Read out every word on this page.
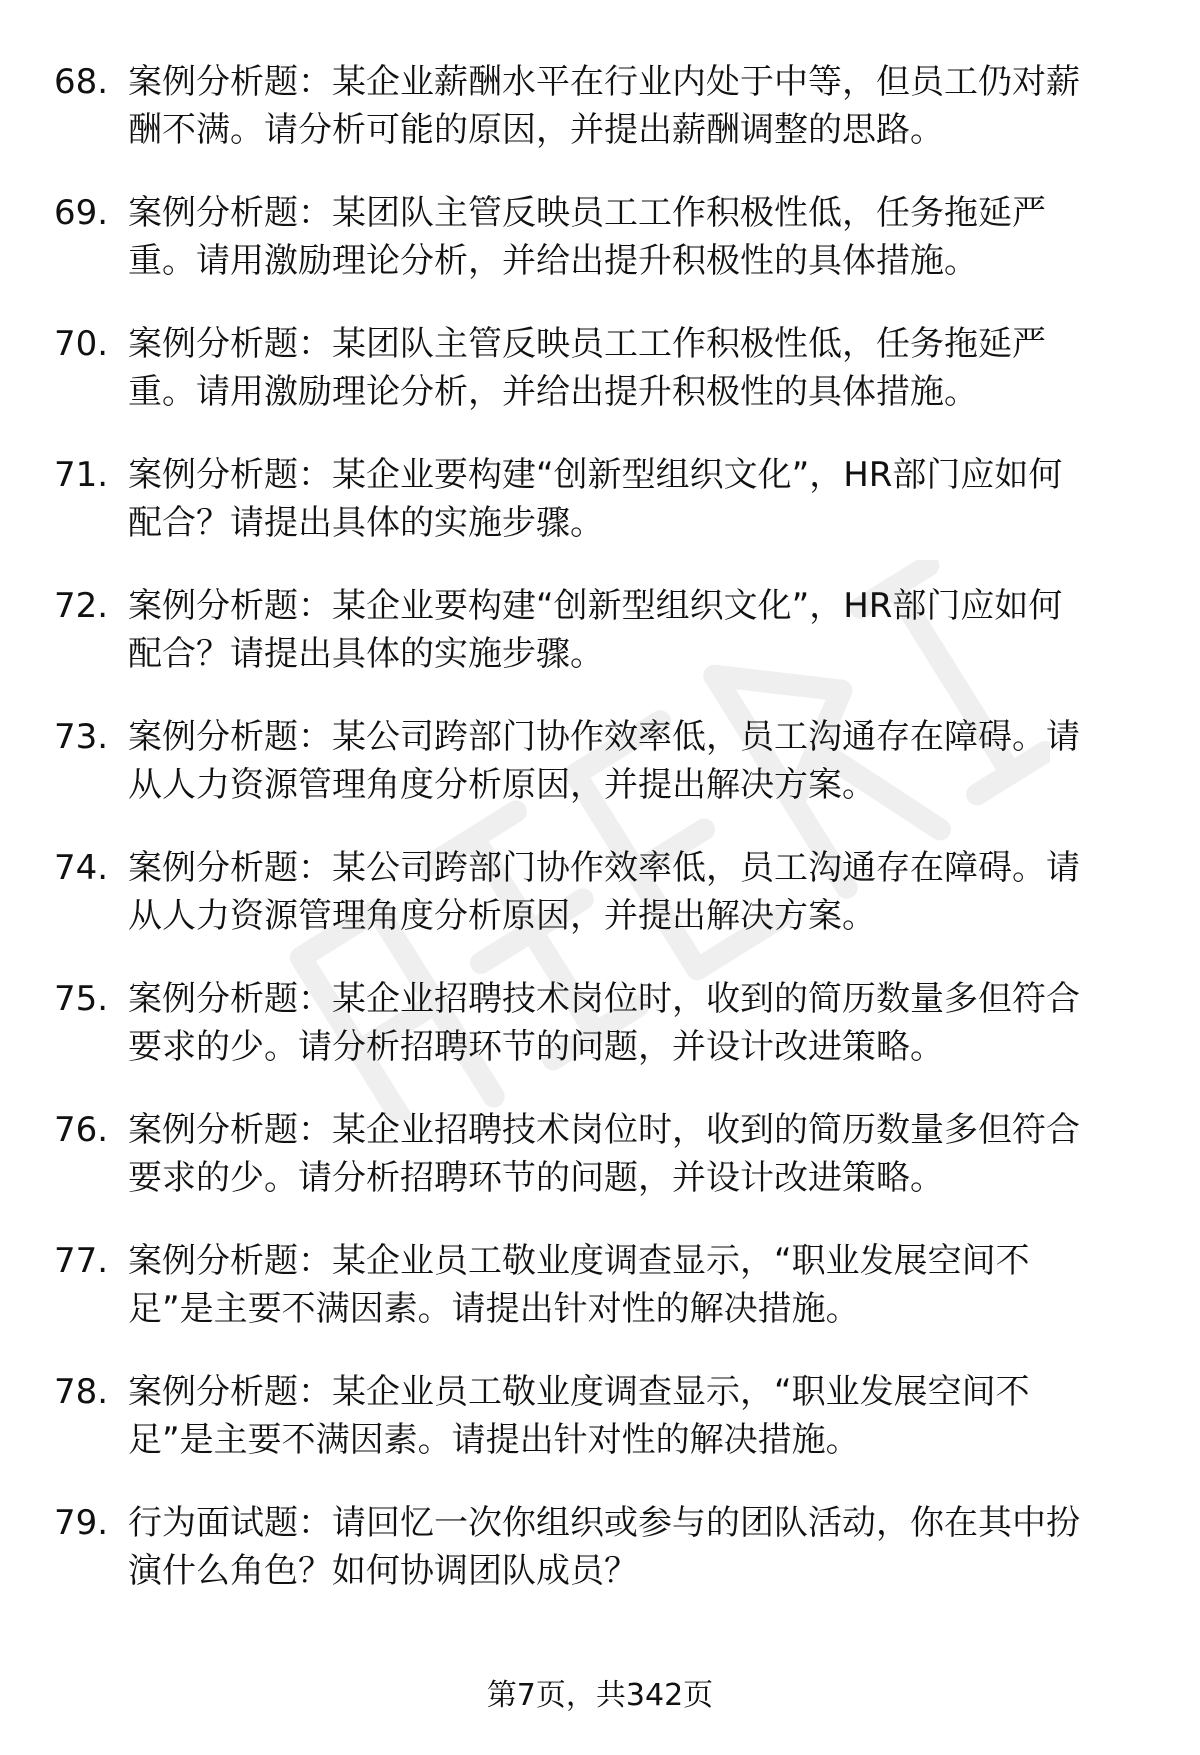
68. 案例分析题：某企业薪酬水平在行业内处于中等，但员工仍对薪
酬不满。请分析可能的原因，并提出薪酬调整的思路。
69. 案例分析题：某团队主管反映员工工作积极性低，任务拖延严
重。请用激励理论分析，并给出提升积极性的具体措施。
70. 案例分析题：某团队主管反映员工工作积极性低，任务拖延严
重。请用激励理论分析，并给出提升积极性的具体措施。
71. 案例分析题：某企业要构建“创新型组织文化”，HR部门应如何
配合？请提出具体的实施步骤。
72. 案例分析题：某企业要构建“创新型组织文化”，HR部门应如何
配合？请提出具体的实施步骤。
73. 案例分析题：某公司跨部门协作效率低，员工沟通存在障碍。请
从人力资源管理角度分析原因，并提出解决方案。
74. 案例分析题：某公司跨部门协作效率低，员工沟通存在障碍。请
从人力资源管理角度分析原因，并提出解决方案。
75. 案例分析题：某企业招聘技术岗位时，收到的简历数量多但符合
要求的少。请分析招聘环节的问题，并设计改进策略。
76. 案例分析题：某企业招聘技术岗位时，收到的简历数量多但符合
要求的少。请分析招聘环节的问题，并设计改进策略。
77. 案例分析题：某企业员工敬业度调查显示，“职业发展空间不
足”是主要不满因素。请提出针对性的解决措施。
78. 案例分析题：某企业员工敬业度调查显示，“职业发展空间不
足”是主要不满因素。请提出针对性的解决措施。
79. 行为面试题：请回忆一次你组织或参与的团队活动，你在其中扮
演什么角色？如何协调团队成员？
第7页，共342页
